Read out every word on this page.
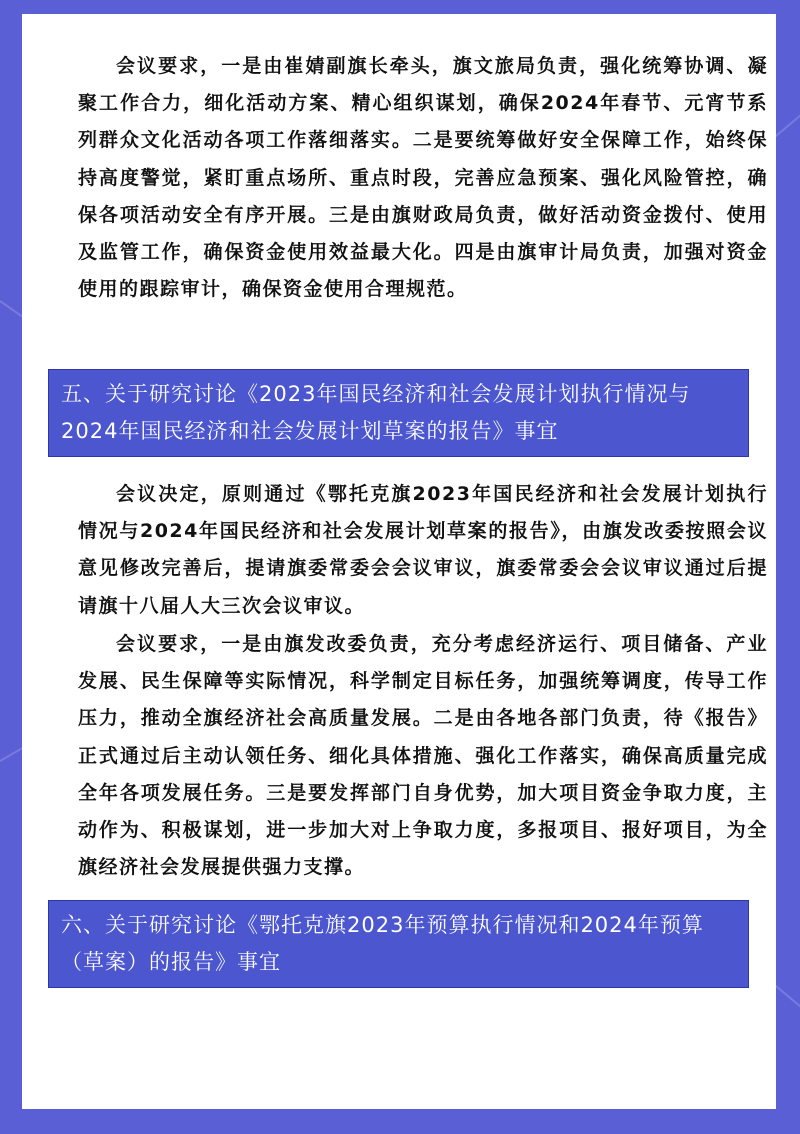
会议要求，一是由崔婧副旗长牵头，旗文旅局负责，强化统筹协调、凝聚工作合力，细化活动方案、精心组织谋划，确保2024年春节、元宵节系列群众文化活动各项工作落细落实。二是要统筹做好安全保障工作，始终保持高度警觉，紧盯重点场所、重点时段，完善应急预案、强化风险管控，确保各项活动安全有序开展。三是由旗财政局负责，做好活动资金拨付、使用及监管工作，确保资金使用效益最大化。四是由旗审计局负责，加强对资金使用的跟踪审计，确保资金使用合理规范。
五、关于研究讨论《2023年国民经济和社会发展计划执行情况与2024年国民经济和社会发展计划草案的报告》事宜
会议决定，原则通过《鄂托克旗2023年国民经济和社会发展计划执行情况与2024年国民经济和社会发展计划草案的报告》，由旗发改委按照会议意见修改完善后，提请旗委常委会会议审议，旗委常委会会议审议通过后提请旗十八届人大三次会议审议。
会议要求，一是由旗发改委负责，充分考虑经济运行、项目储备、产业发展、民生保障等实际情况，科学制定目标任务，加强统筹调度，传导工作压力，推动全旗经济社会高质量发展。二是由各地各部门负责，待《报告》正式通过后主动认领任务、细化具体措施、强化工作落实，确保高质量完成全年各项发展任务。三是要发挥部门自身优势，加大项目资金争取力度，主动作为、积极谋划，进一步加大对上争取力度，多报项目、报好项目，为全旗经济社会发展提供强力支撑。
六、关于研究讨论《鄂托克旗2023年预算执行情况和2024年预算（草案）的报告》事宜
